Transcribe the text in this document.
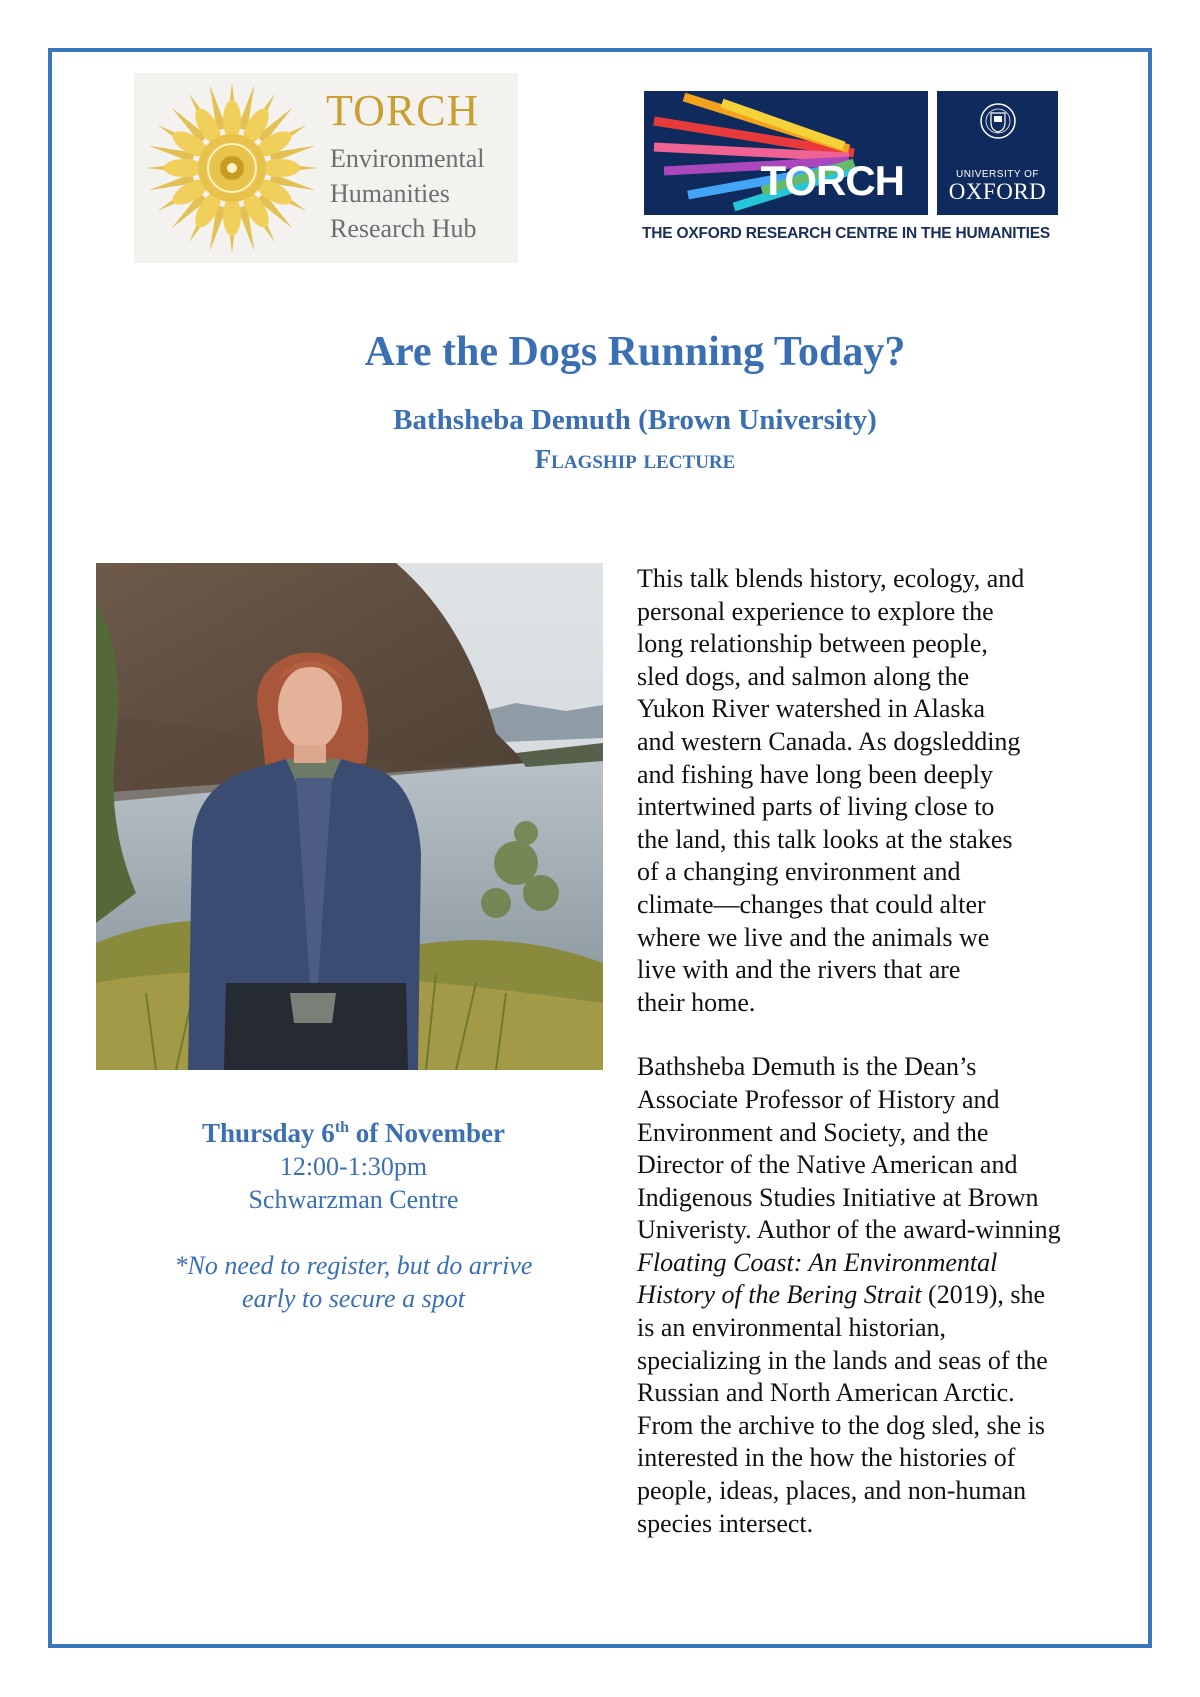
TORCH
Environmental
Humanities
Research Hub
TORCH	UNIVERSITY OF
OXFORD
THE OXFORD RESEARCH CENTRE IN THE HUMANITIES
Are the Dogs Running Today?
Bathsheba Demuth (Brown University)
Flagship lecture
Thursday 6th of November
12:00-1:30pm
Schwarzman Centre
*No need to register, but do arrive
early to secure a spot
This talk blends history, ecology, and
personal experience to explore the
long relationship between people,
sled dogs, and salmon along the
Yukon River watershed in Alaska
and western Canada. As dogsledding
and fishing have long been deeply
intertwined parts of living close to
the land, this talk looks at the stakes
of a changing environment and
climate—changes that could alter
where we live and the animals we
live with and the rivers that are
their home.
Bathsheba Demuth is the Dean’s
Associate Professor of History and
Environment and Society, and the
Director of the Native American and
Indigenous Studies Initiative at Brown
Univeristy. Author of the award-winning
Floating Coast: An Environmental
History of the Bering Strait (2019), she
is an environmental historian,
specializing in the lands and seas of the
Russian and North American Arctic.
From the archive to the dog sled, she is
interested in the how the histories of
people, ideas, places, and non-human
species intersect.
